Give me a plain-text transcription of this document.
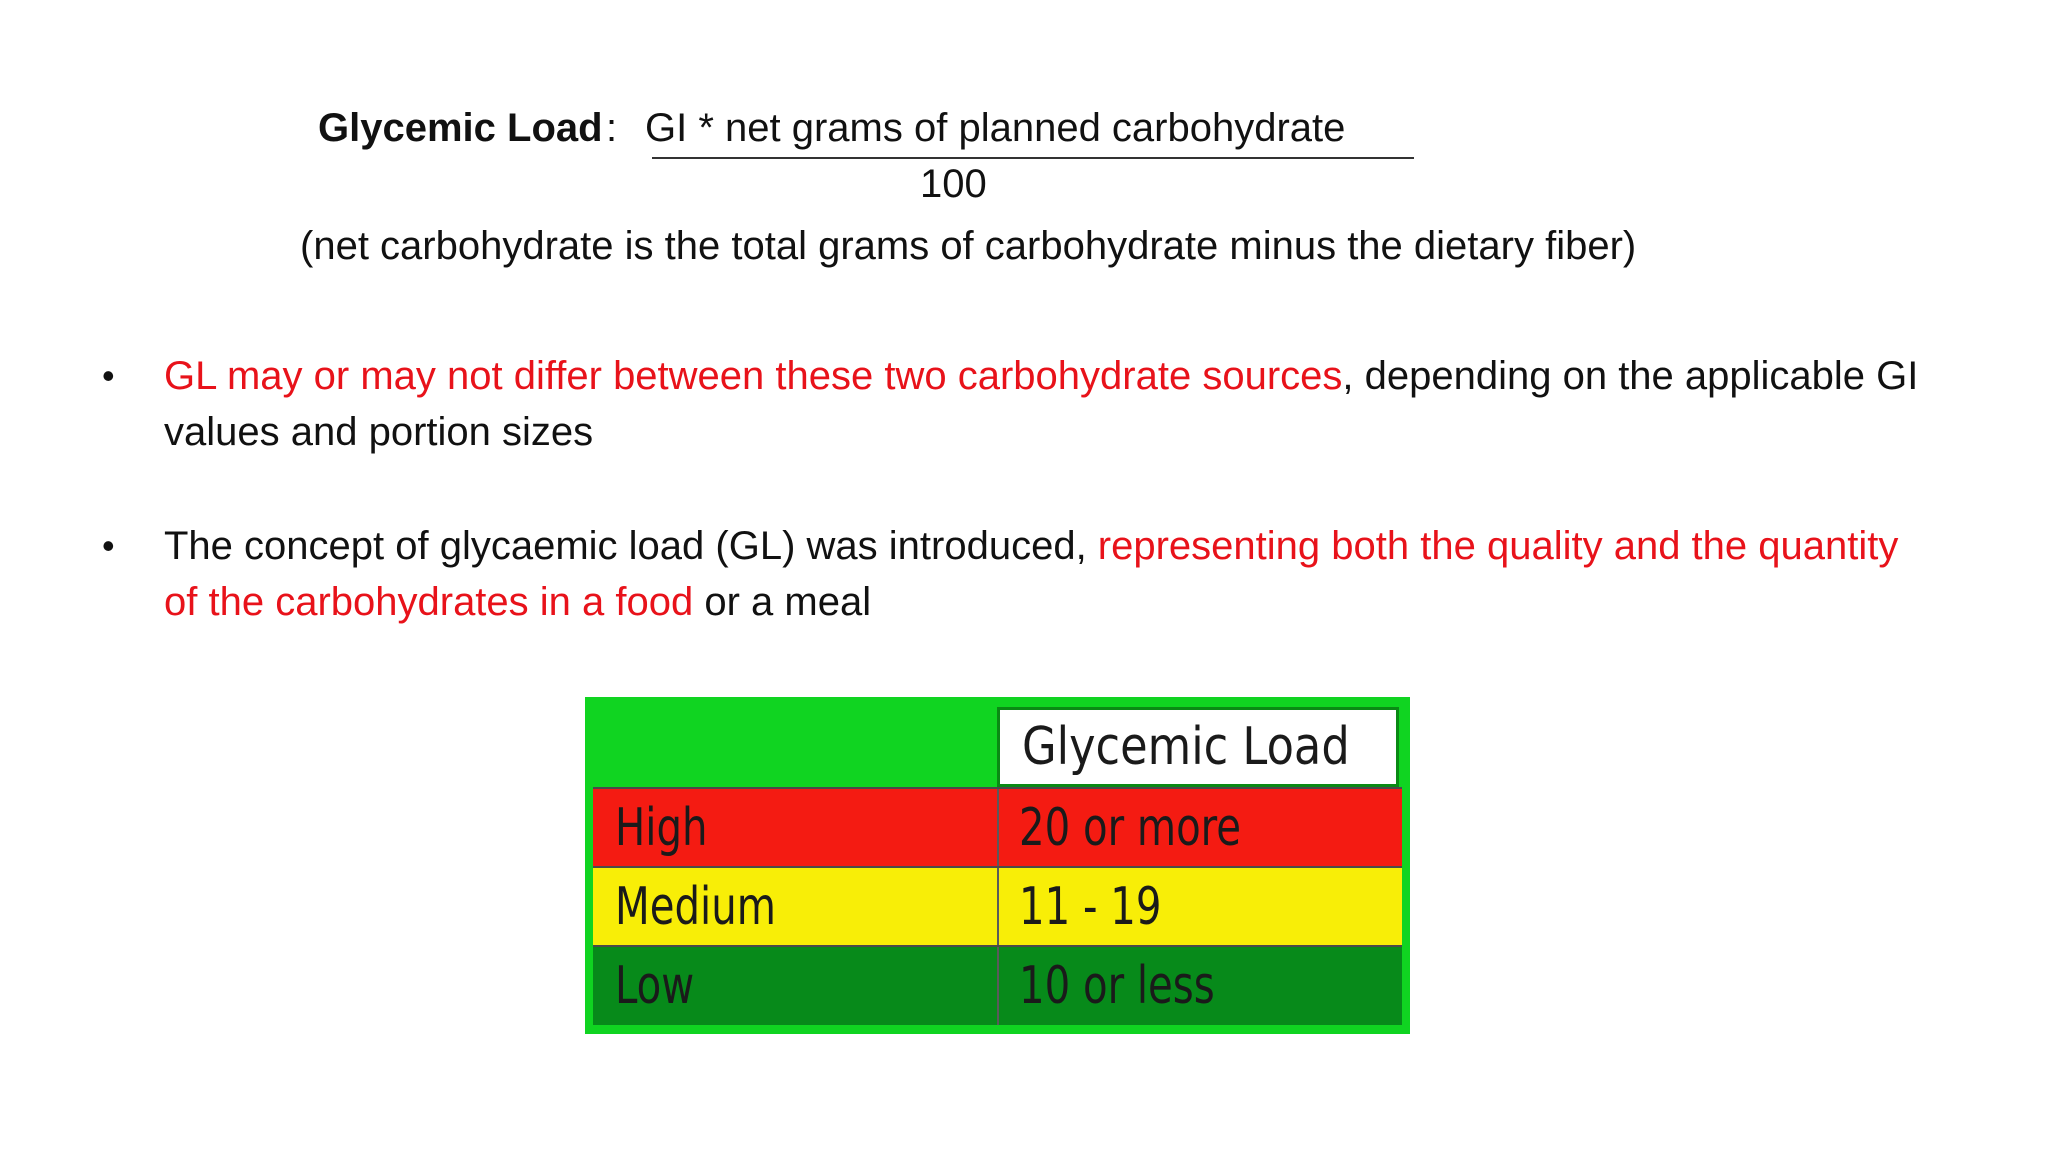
Glycemic Load : GI * net grams of planned carbohydrate
100
(net carbohydrate is the total grams of carbohydrate minus the dietary fiber)
• GL may or may not differ between these two carbohydrate sources, depending on the applicable GI values and portion sizes
• The concept of glycaemic load (GL) was introduced, representing both the quality and the quantity of the carbohydrates in a food or a meal
Glycemic Load
High	20 or more
Medium	11 - 19
Low	10 or less
